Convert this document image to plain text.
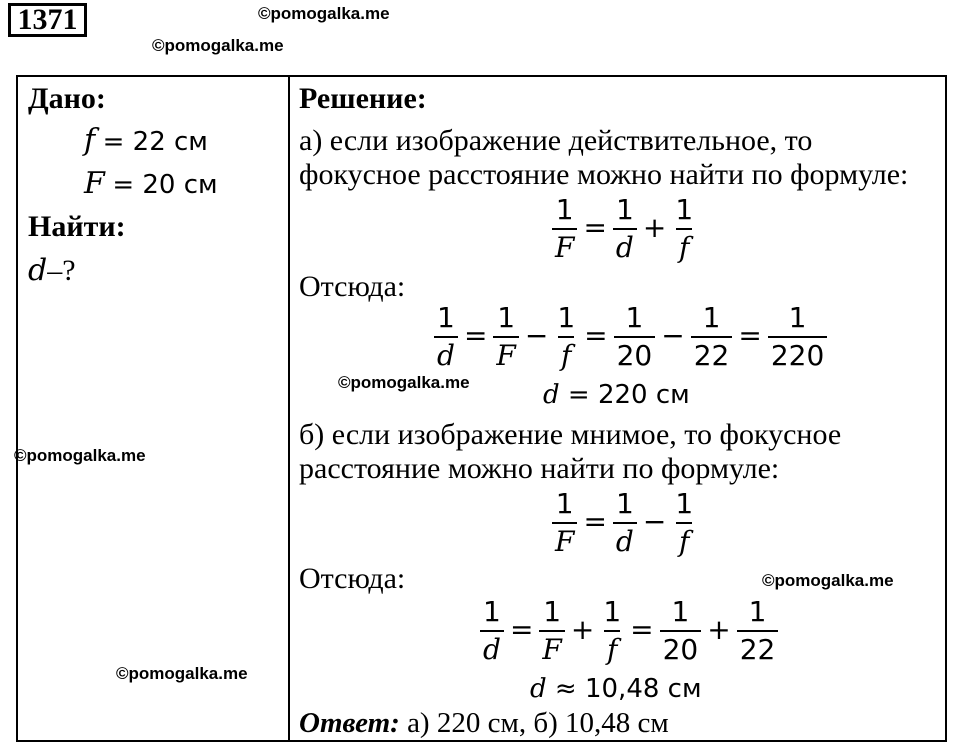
1371	©pomogalka.me
©pomogalka.me
©pomogalka.me
©pomogalka.me
Дано:
f = 22 см
F = 20 см
Найти:
d–?
Решение:
а) если изображение действительное, то
фокусное расстояние можно найти по формуле:
$\frac{1}{F} = \frac{1}{d} + \frac{1}{f}$
Отсюда:
$\frac{1}{d} = \frac{1}{F} - \frac{1}{f} = \frac{1}{20} - \frac{1}{22} = \frac{1}{220}$
©pomogalka.me	d = 220 см
б) если изображение мнимое, то фокусное
расстояние можно найти по формуле:
$\frac{1}{F} = \frac{1}{d} - \frac{1}{f}$
Отсюда:	©pomogalka.me
$\frac{1}{d} = \frac{1}{F} + \frac{1}{f} = \frac{1}{20} + \frac{1}{22}$
d ≈ 10,48 см
Ответ: а) 220 см, б) 10,48 см
